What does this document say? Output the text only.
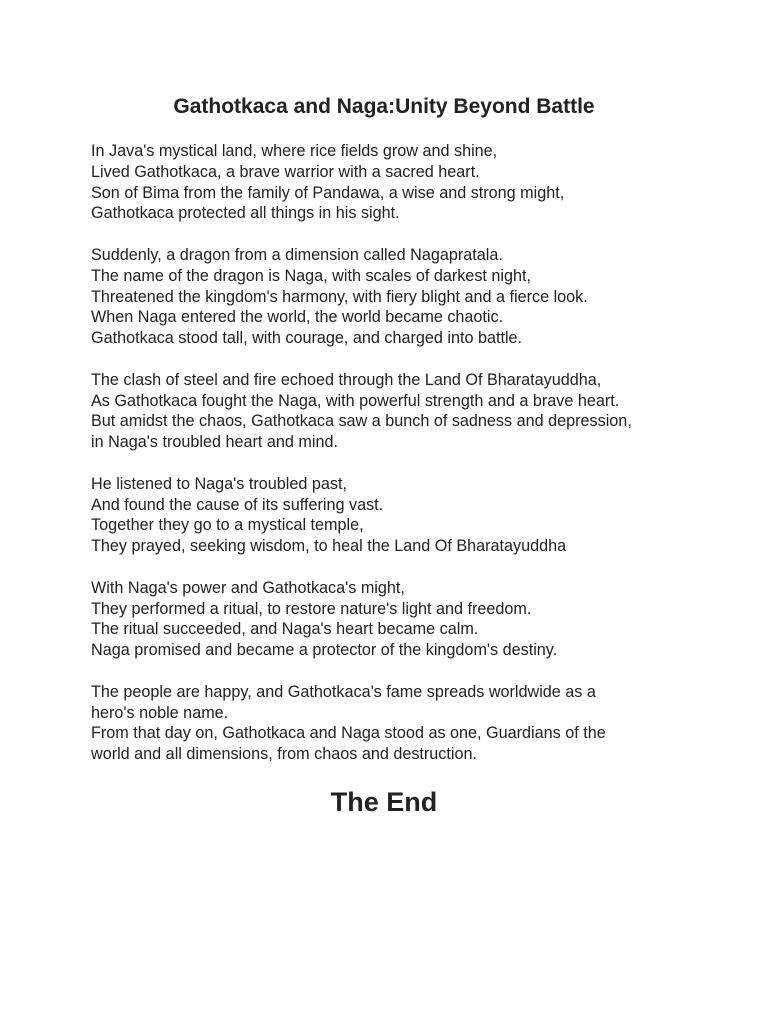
Gathotkaca and Naga:Unity Beyond Battle

In Java's mystical land, where rice fields grow and shine,
Lived Gathotkaca, a brave warrior with a sacred heart.
Son of Bima from the family of Pandawa, a wise and strong might,
Gathotkaca protected all things in his sight.

Suddenly, a dragon from a dimension called Nagapratala.
The name of the dragon is Naga, with scales of darkest night,
Threatened the kingdom's harmony, with fiery blight and a fierce look.
When Naga entered the world, the world became chaotic.
Gathotkaca stood tall, with courage, and charged into battle.

The clash of steel and fire echoed through the Land Of Bharatayuddha,
As Gathotkaca fought the Naga, with powerful strength and a brave heart.
But amidst the chaos, Gathotkaca saw a bunch of sadness and depression,
in Naga's troubled heart and mind.

He listened to Naga's troubled past,
And found the cause of its suffering vast.
Together they go to a mystical temple,
They prayed, seeking wisdom, to heal the Land Of Bharatayuddha

With Naga's power and Gathotkaca's might,
They performed a ritual, to restore nature's light and freedom.
The ritual succeeded, and Naga's heart became calm.
Naga promised and became a protector of the kingdom's destiny.

The people are happy, and Gathotkaca's fame spreads worldwide as a
hero's noble name.
From that day on, Gathotkaca and Naga stood as one, Guardians of the
world and all dimensions, from chaos and destruction.

The End
